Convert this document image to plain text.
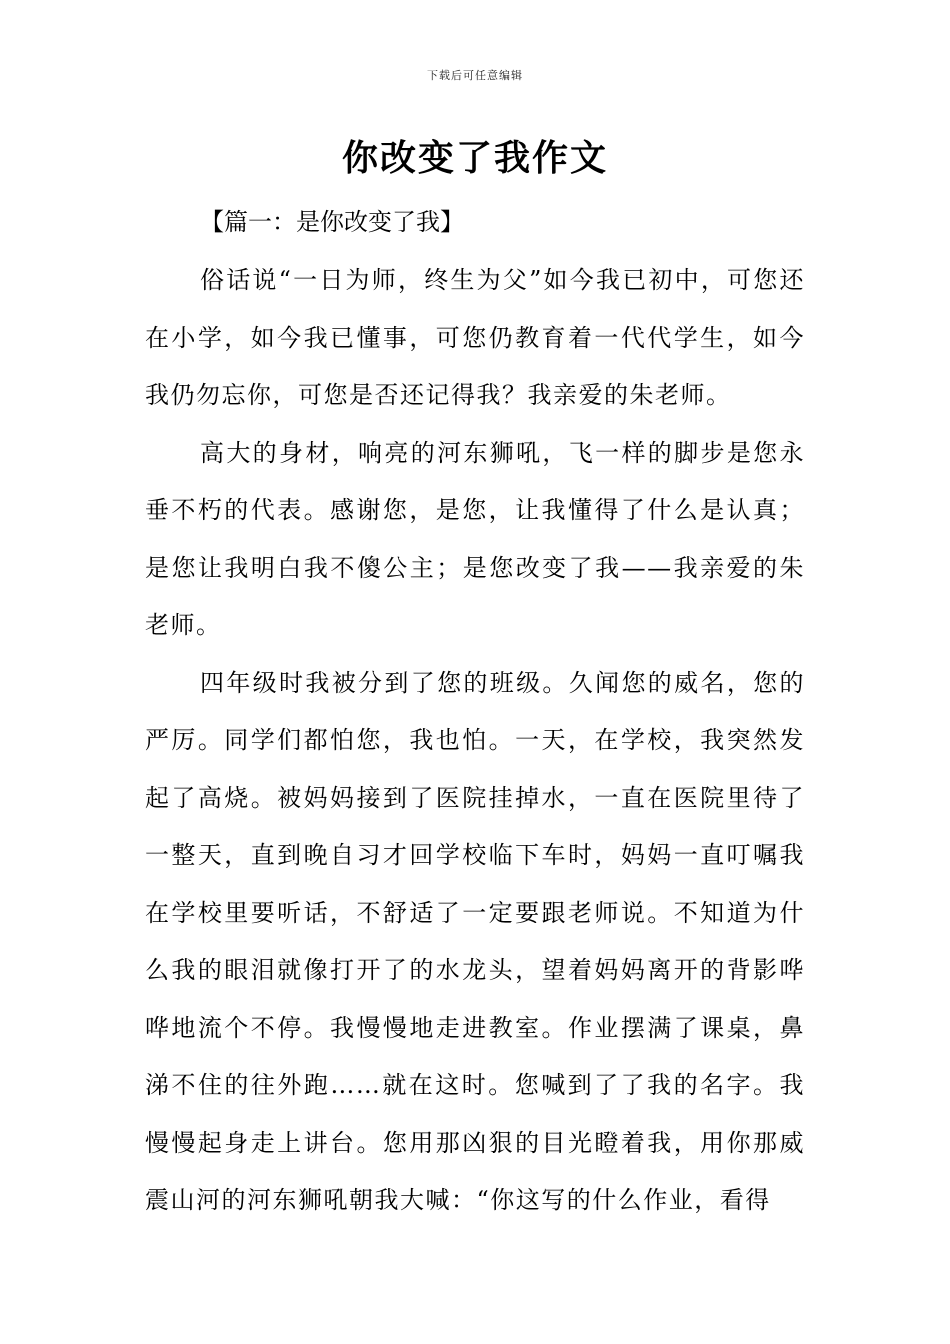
下载后可任意编辑
你改变了我作文

【篇一：是你改变了我】

俗话说“一日为师，终生为父”如今我已初中，可您还在小学，如今我已懂事，可您仍教育着一代代学生，如今我仍勿忘你，可您是否还记得我？我亲爱的朱老师。

高大的身材，响亮的河东狮吼，飞一样的脚步是您永垂不朽的代表。感谢您，是您，让我懂得了什么是认真；是您让我明白我不傻公主；是您改变了我——我亲爱的朱老师。

四年级时我被分到了您的班级。久闻您的威名，您的严厉。同学们都怕您，我也怕。一天，在学校，我突然发起了高烧。被妈妈接到了医院挂掉水，一直在医院里待了一整天，直到晚自习才回学校临下车时，妈妈一直叮嘱我在学校里要听话，不舒适了一定要跟老师说。不知道为什么我的眼泪就像打开了的水龙头，望着妈妈离开的背影哗哗地流个不停。我慢慢地走进教室。作业摆满了课桌，鼻涕不住的往外跑……就在这时。您喊到了了我的名字。我慢慢起身走上讲台。您用那凶狠的目光瞪着我，用你那威震山河的河东狮吼朝我大喊：“你这写的什么作业，看得
